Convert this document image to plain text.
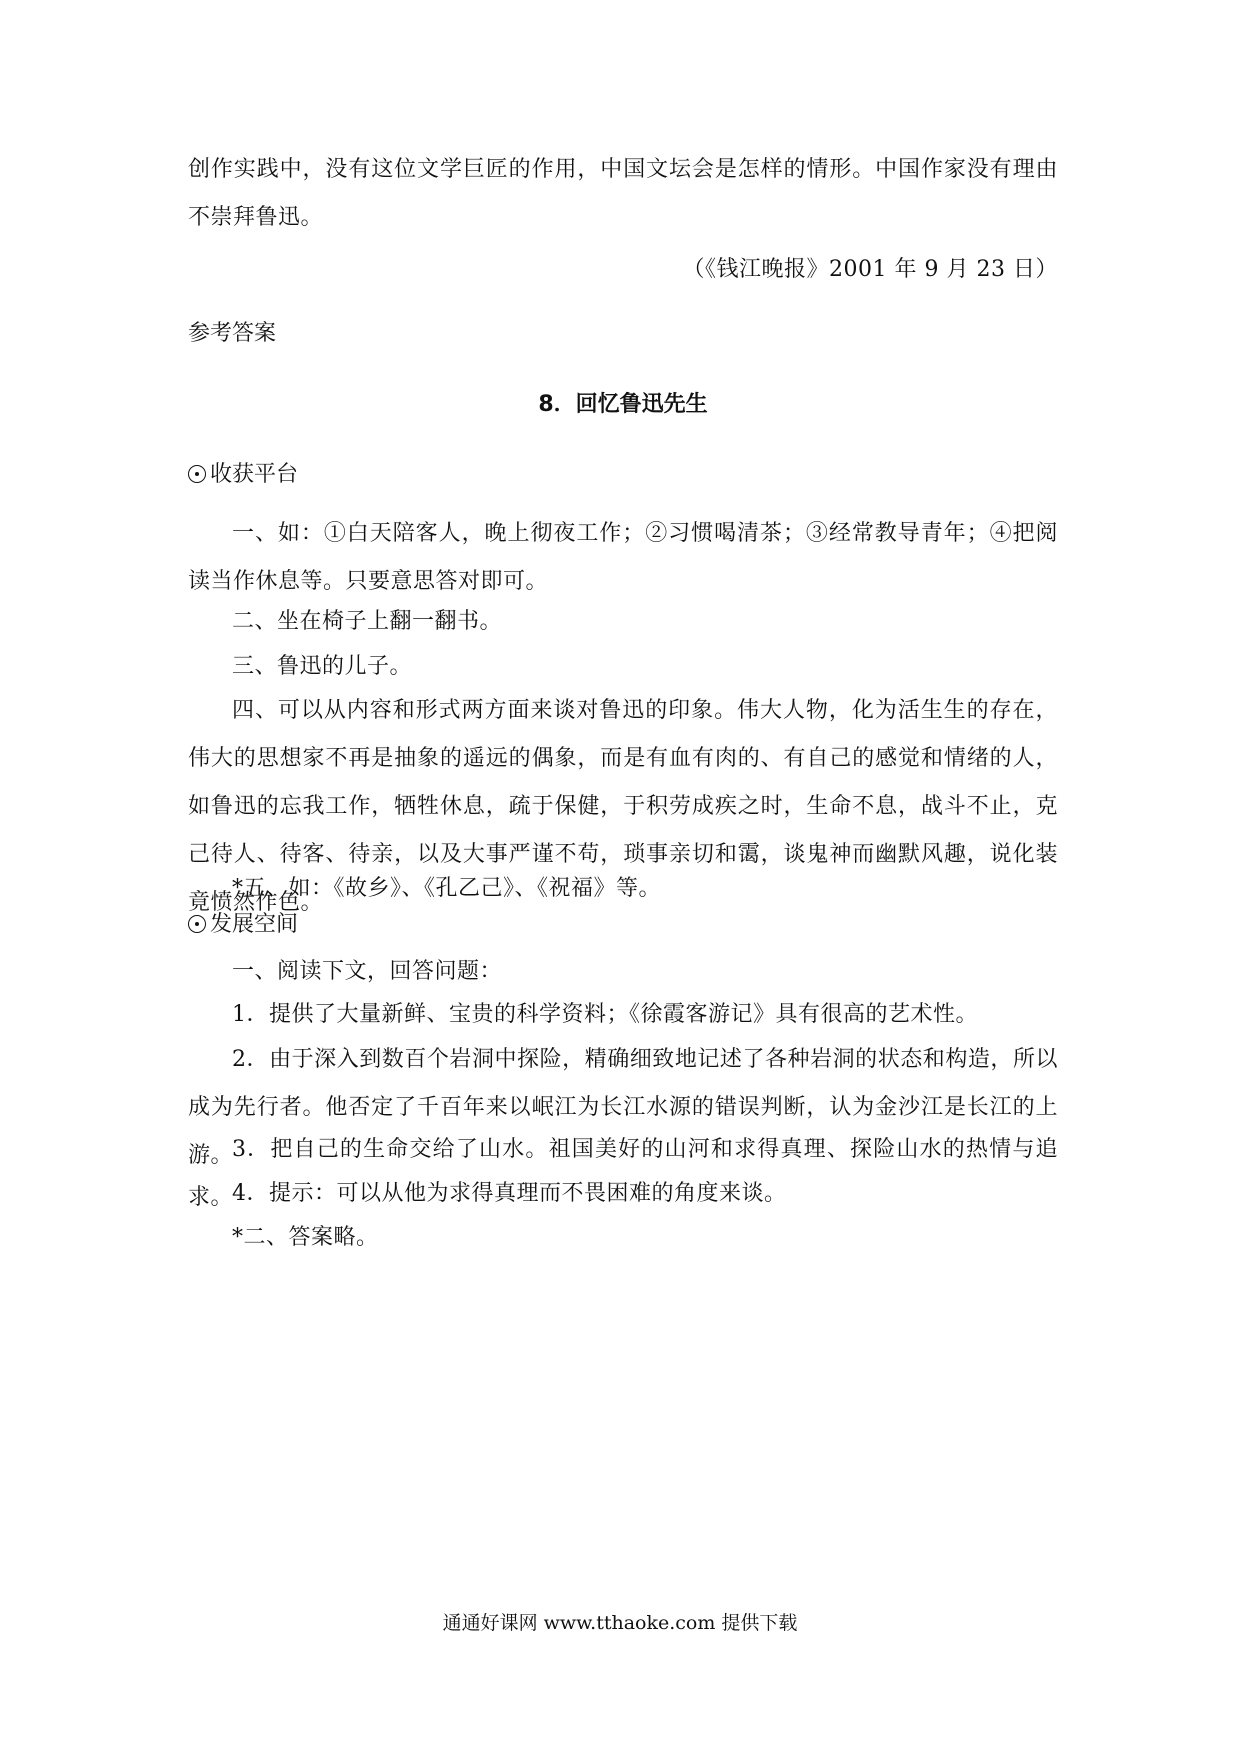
创作实践中，没有这位文学巨匠的作用，中国文坛会是怎样的情形。中国作家没有理由不崇拜鲁迅。
（《钱江晚报》2001 年 9 月 23 日）
参考答案
8．回忆鲁迅先生
收获平台
一、如：①白天陪客人，晚上彻夜工作；②习惯喝清茶；③经常教导青年；④把阅读当作休息等。只要意思答对即可。
二、坐在椅子上翻一翻书。
三、鲁迅的儿子。
四、可以从内容和形式两方面来谈对鲁迅的印象。伟大人物，化为活生生的存在，伟大的思想家不再是抽象的遥远的偶象，而是有血有肉的、有自己的感觉和情绪的人，如鲁迅的忘我工作，牺牲休息，疏于保健，于积劳成疾之时，生命不息，战斗不止，克己待人、待客、待亲，以及大事严谨不苟，琐事亲切和霭，谈鬼神而幽默风趣，说化装竟愤然作色。
*五、如：《故乡》、《孔乙己》、《祝福》等。
发展空间
一、阅读下文，回答问题：
1．提供了大量新鲜、宝贵的科学资料；《徐霞客游记》具有很高的艺术性。
2．由于深入到数百个岩洞中探险，精确细致地记述了各种岩洞的状态和构造，所以成为先行者。他否定了千百年来以岷江为长江水源的错误判断，认为金沙江是长江的上游。
3．把自己的生命交给了山水。祖国美好的山河和求得真理、探险山水的热情与追求。
4．提示：可以从他为求得真理而不畏困难的角度来谈。
*二、答案略。
通通好课网 www.tthaoke.com 提供下载
